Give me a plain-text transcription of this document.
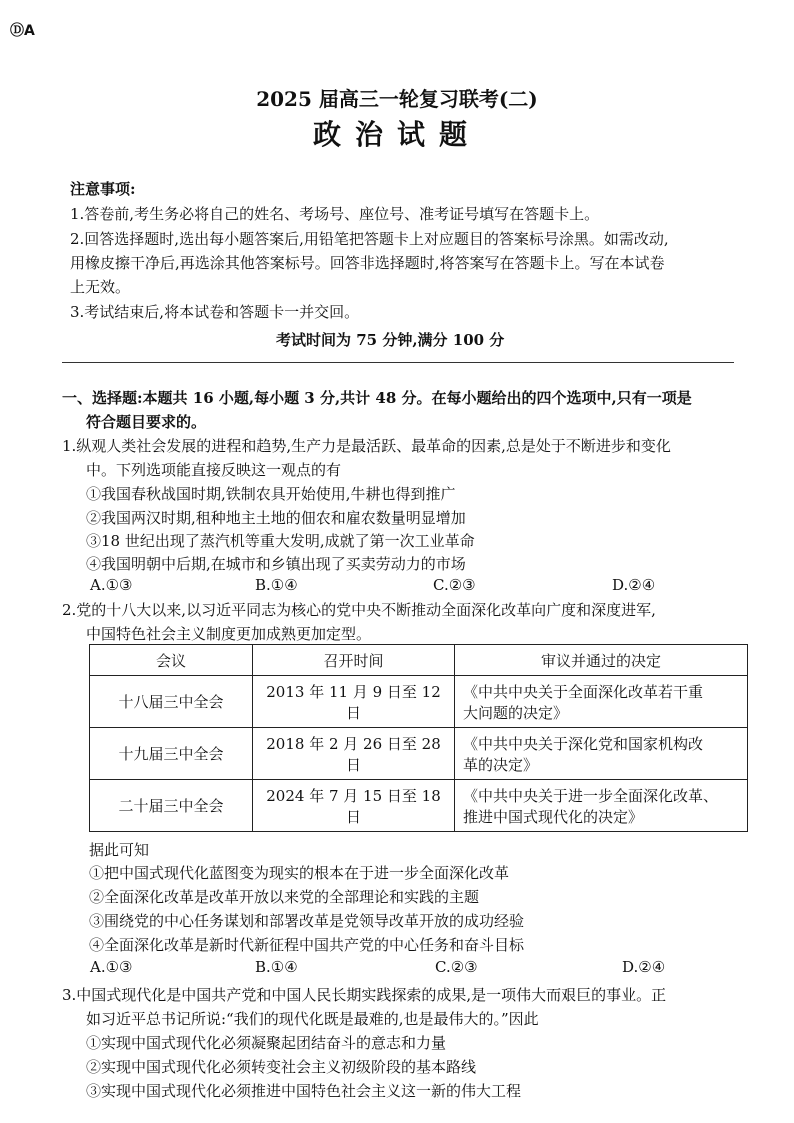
ⒹA
2025 届高三一轮复习联考(二)
政治试题
注意事项:
1.答卷前,考生务必将自己的姓名、考场号、座位号、准考证号填写在答题卡上。
2.回答选择题时,选出每小题答案后,用铅笔把答题卡上对应题目的答案标号涂黑。如需改动,
用橡皮擦干净后,再选涂其他答案标号。回答非选择题时,将答案写在答题卡上。写在本试卷
上无效。
3.考试结束后,将本试卷和答题卡一并交回。
考试时间为 75 分钟,满分 100 分
一、选择题:本题共 16 小题,每小题 3 分,共计 48 分。在每小题给出的四个选项中,只有一项是
符合题目要求的。
1.纵观人类社会发展的进程和趋势,生产力是最活跃、最革命的因素,总是处于不断进步和变化
中。下列选项能直接反映这一观点的有
①我国春秋战国时期,铁制农具开始使用,牛耕也得到推广
②我国两汉时期,租种地主土地的佃农和雇农数量明显增加
③18 世纪出现了蒸汽机等重大发明,成就了第一次工业革命
④我国明朝中后期,在城市和乡镇出现了买卖劳动力的市场
A.①③	B.①④	C.②③	D.②④
2.党的十八大以来,以习近平同志为核心的党中央不断推动全面深化改革向广度和深度进军,
中国特色社会主义制度更加成熟更加定型。
会议	召开时间	审议并通过的决定
十八届三中全会	2013 年 11 月 9 日至 12 日	《中共中央关于全面深化改革若干重
大问题的决定》

十九届三中全会	2018 年 2 月 26 日至 28 日	《中共中央关于深化党和国家机构改
革的决定》

二十届三中全会	2024 年 7 月 15 日至 18 日	《中共中央关于进一步全面深化改革、
推进中国式现代化的决定》
据此可知
①把中国式现代化蓝图变为现实的根本在于进一步全面深化改革
②全面深化改革是改革开放以来党的全部理论和实践的主题
③围绕党的中心任务谋划和部署改革是党领导改革开放的成功经验
④全面深化改革是新时代新征程中国共产党的中心任务和奋斗目标
A.①③	B.①④	C.②③	D.②④
3.中国式现代化是中国共产党和中国人民长期实践探索的成果,是一项伟大而艰巨的事业。正
如习近平总书记所说:“我们的现代化既是最难的,也是最伟大的。”因此
①实现中国式现代化必须凝聚起团结奋斗的意志和力量
②实现中国式现代化必须转变社会主义初级阶段的基本路线
③实现中国式现代化必须推进中国特色社会主义这一新的伟大工程
